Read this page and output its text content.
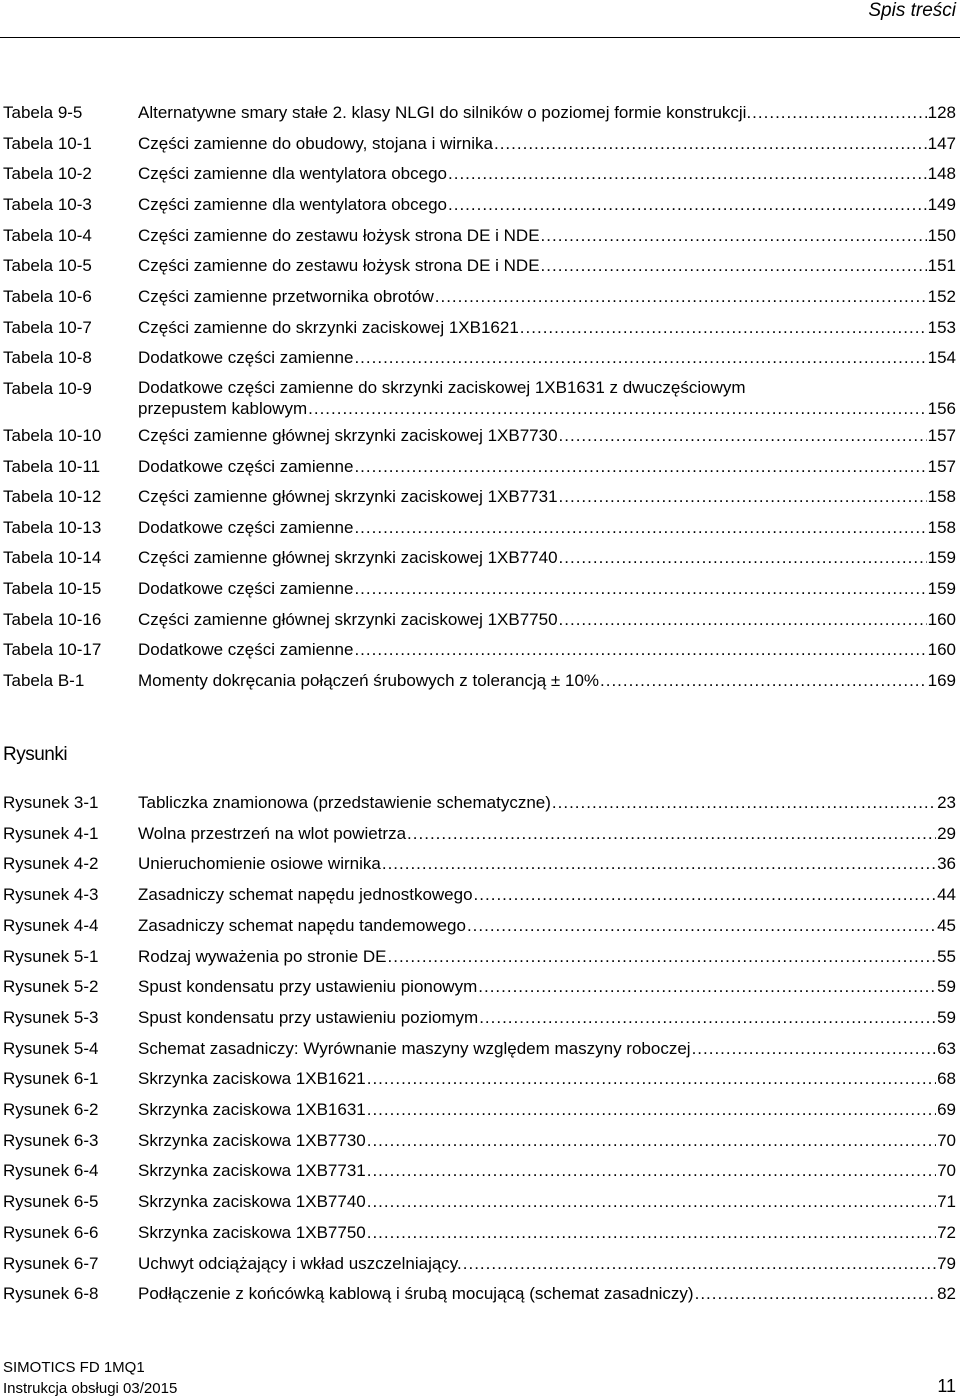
Spis treści
Tabela 9-5	Alternatywne smary stałe 2. klasy NLGI do silników o poziomej formie konstrukcji. .....	128
Tabela 10-1	Części zamienne do obudowy, stojana i wirnika .....	147
Tabela 10-2	Części zamienne dla wentylatora obcego .....	148
Tabela 10-3	Części zamienne dla wentylatora obcego .....	149
Tabela 10-4	Części zamienne do zestawu łożysk strona DE i NDE .....	150
Tabela 10-5	Części zamienne do zestawu łożysk strona DE i NDE .....	151
Tabela 10-6	Części zamienne przetwornika obrotów .....	152
Tabela 10-7	Części zamienne do skrzynki zaciskowej 1XB1621 .....	153
Tabela 10-8	Dodatkowe części zamienne .....	154
Tabela 10-9	Dodatkowe części zamienne do skrzynki zaciskowej 1XB1631 z dwuczęściowym
przepustem kablowym .....	156
Tabela 10-10 Części zamienne głównej skrzynki zaciskowej 1XB7730 .....	157
Tabela 10-11 Dodatkowe części zamienne .....	157
Tabela 10-12 Części zamienne głównej skrzynki zaciskowej 1XB7731 .....	158
Tabela 10-13 Dodatkowe części zamienne .....	158
Tabela 10-14 Części zamienne głównej skrzynki zaciskowej 1XB7740 .....	159
Tabela 10-15 Dodatkowe części zamienne .....	159
Tabela 10-16 Części zamienne głównej skrzynki zaciskowej 1XB7750 .....	160
Tabela 10-17 Dodatkowe części zamienne .....	160
Tabela B-1	Momenty dokręcania połączeń śrubowych z tolerancją ± 10% .....	169
Rysunki
Rysunek 3-1 Tabliczka znamionowa (przedstawienie schematyczne) .....	23
Rysunek 4-1 Wolna przestrzeń na wlot powietrza .....	29
Rysunek 4-2 Unieruchomienie osiowe wirnika .....	36
Rysunek 4-3 Zasadniczy schemat napędu jednostkowego .....	44
Rysunek 4-4 Zasadniczy schemat napędu tandemowego .....	45
Rysunek 5-1 Rodzaj wyważenia po stronie DE .....	55
Rysunek 5-2 Spust kondensatu przy ustawieniu pionowym .....	59
Rysunek 5-3 Spust kondensatu przy ustawieniu poziomym .....	59
Rysunek 5-4 Schemat zasadniczy: Wyrównanie maszyny względem maszyny roboczej .....	63
Rysunek 6-1 Skrzynka zaciskowa 1XB1621 .....	68
Rysunek 6-2 Skrzynka zaciskowa 1XB1631 .....	69
Rysunek 6-3 Skrzynka zaciskowa 1XB7730 .....	70
Rysunek 6-4 Skrzynka zaciskowa 1XB7731 .....	70
Rysunek 6-5 Skrzynka zaciskowa 1XB7740 .....	71
Rysunek 6-6 Skrzynka zaciskowa 1XB7750 .....	72
Rysunek 6-7 Uchwyt odciążający i wkład uszczelniający. .....	79
Rysunek 6-8 Podłączenie z końcówką kablową i śrubą mocującą (schemat zasadniczy) .....	82
SIMOTICS FD 1MQ1
Instrukcja obsługi 03/2015	11
